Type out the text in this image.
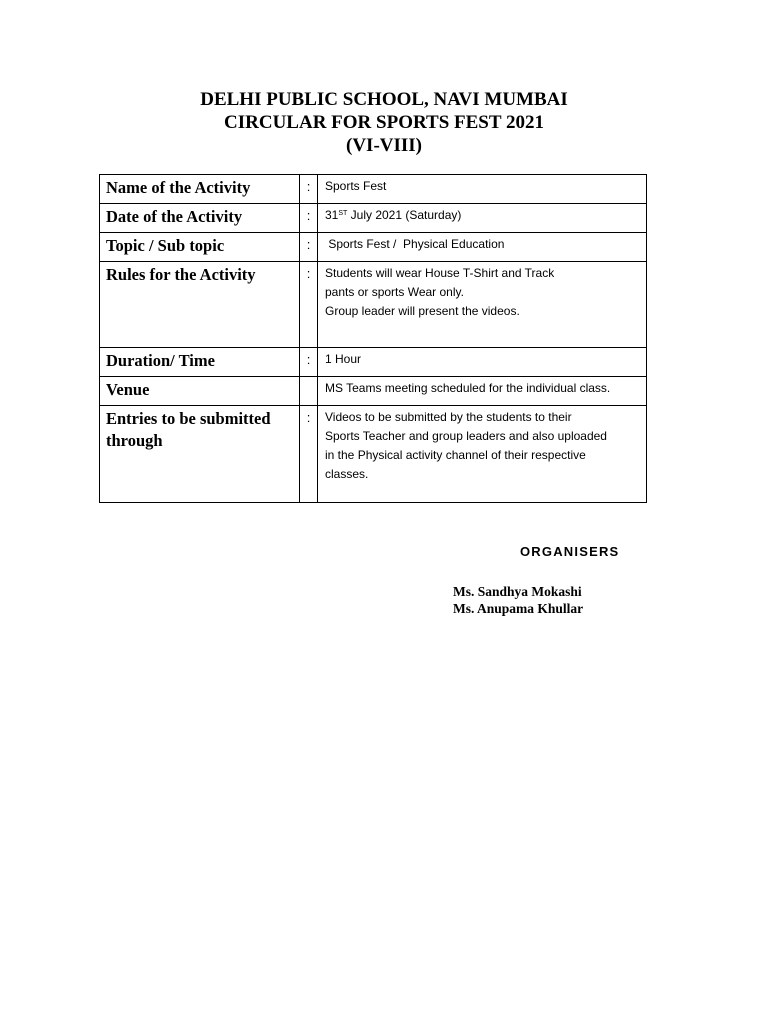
DELHI PUBLIC SCHOOL, NAVI MUMBAI
CIRCULAR FOR SPORTS FEST 2021
(VI-VIII)
Name of the Activity	:	Sports Fest
Date of the Activity	:	31ST July 2021 (Saturday)
Topic / Sub topic	:	Sports Fest /  Physical Education
Rules for the Activity	:	Students will wear House T-Shirt and Track
pants or sports Wear only.
Group leader will present the videos.

Duration/ Time	:	1 Hour
Venue		MS Teams meeting scheduled for the individual class.

Entries to be submitted
through	:	Videos to be submitted by the students to their
Sports Teacher and group leaders and also uploaded
in the Physical activity channel of their respective
classes.
ORGANISERS
Ms. Sandhya Mokashi
Ms. Anupama Khullar
